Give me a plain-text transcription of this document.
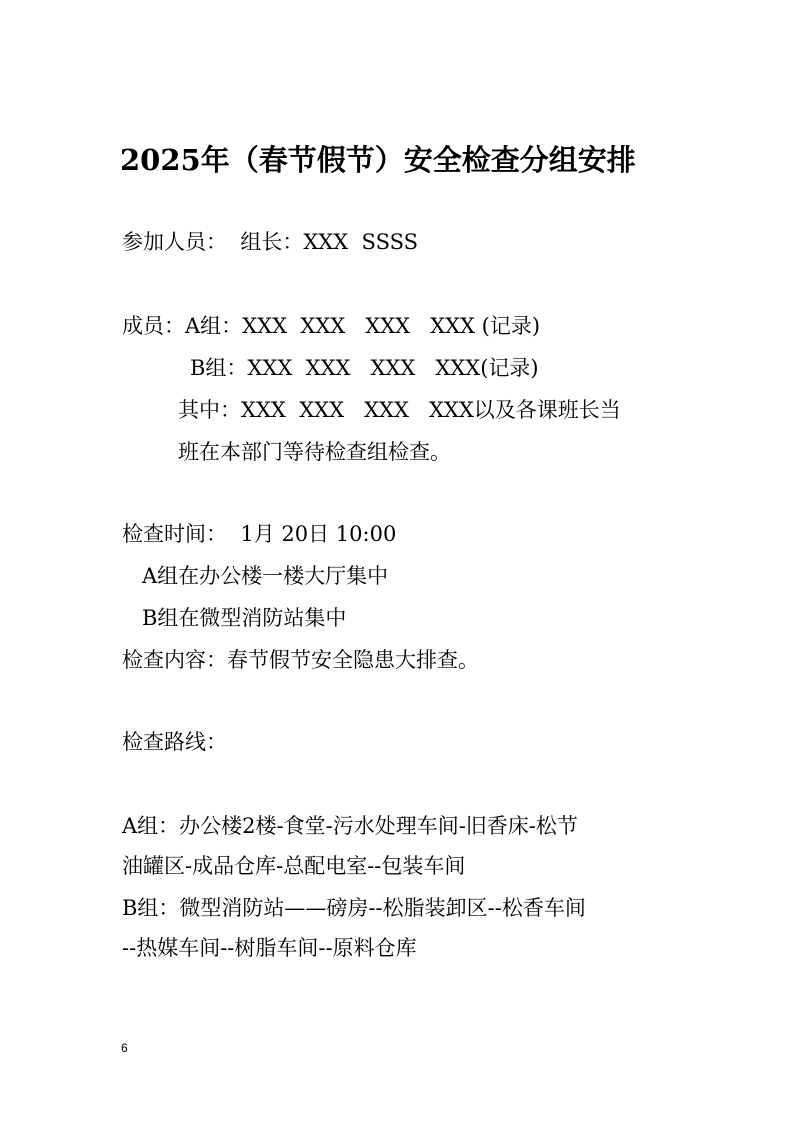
2025年（春节假节）安全检查分组安排
参加人员：  组长：XXX  SSSS
成员：A组：XXX  XXX   XXX   XXX (记录)
B组：XXX  XXX   XXX   XXX(记录)
其中：XXX  XXX   XXX   XXX以及各课班长当
班在本部门等待检查组检查。
检查时间：  1月 20日 10:00
A组在办公楼一楼大厅集中
B组在微型消防站集中
检查内容：春节假节安全隐患大排查。
检查路线：
A组：办公楼2楼-食堂-污水处理车间-旧香床-松节
油罐区-成品仓库-总配电室--包装车间
B组：微型消防站——磅房--松脂装卸区--松香车间
--热媒车间--树脂车间--原料仓库
6
